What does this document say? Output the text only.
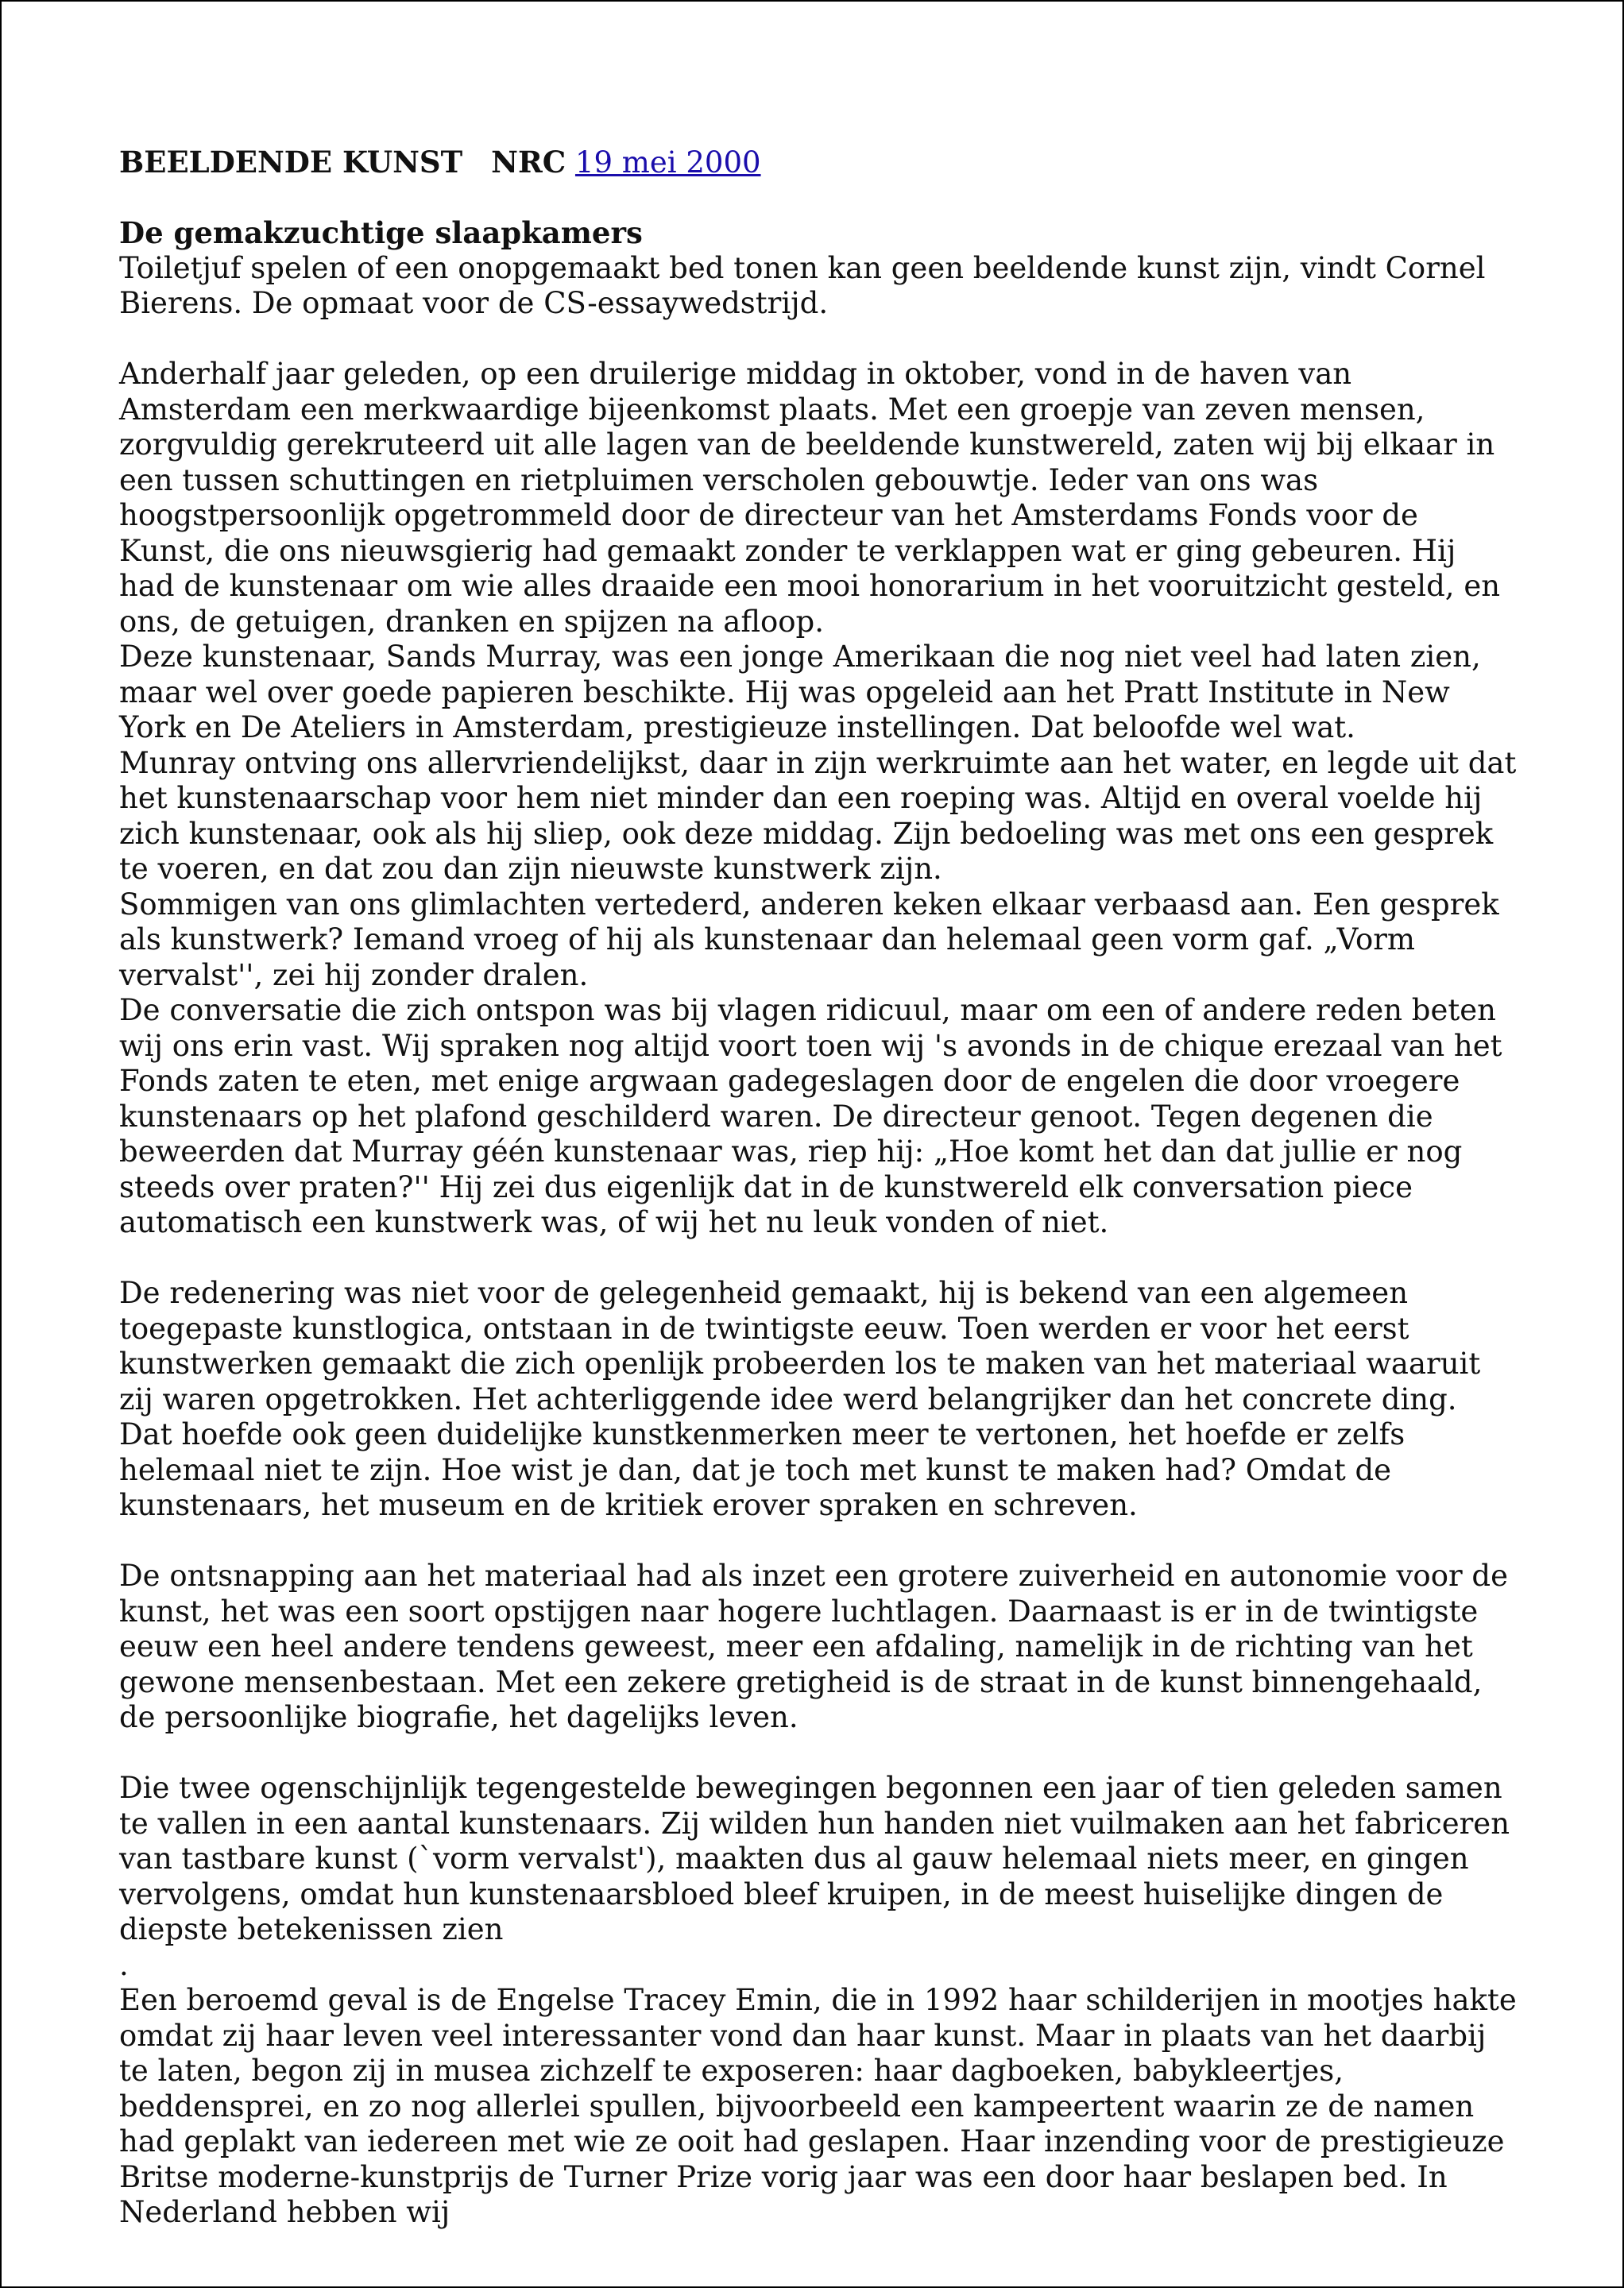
BEELDENDE KUNST NRC 19 mei 2000

De gemakzuchtige slaapkamers

Toiletjuf spelen of een onopgemaakt bed tonen kan geen beeldende kunst zijn, vindt Cornel Bierens. De opmaat voor de CS-essaywedstrijd.

Anderhalf jaar geleden, op een druilerige middag in oktober, vond in de haven van Amsterdam een merkwaardige bijeenkomst plaats. Met een groepje van zeven mensen, zorgvuldig gerekruteerd uit alle lagen van de beeldende kunstwereld, zaten wij bij elkaar in een tussen schuttingen en rietpluimen verscholen gebouwtje. Ieder van ons was hoogstpersoonlijk opgetrommeld door de directeur van het Amsterdams Fonds voor de Kunst, die ons nieuwsgierig had gemaakt zonder te verklappen wat er ging gebeuren. Hij had de kunstenaar om wie alles draaide een mooi honorarium in het vooruitzicht gesteld, en ons, de getuigen, dranken en spijzen na afloop.

Deze kunstenaar, Sands Murray, was een jonge Amerikaan die nog niet veel had laten zien, maar wel over goede papieren beschikte. Hij was opgeleid aan het Pratt Institute in New York en De Ateliers in Amsterdam, prestigieuze instellingen. Dat beloofde wel wat.

Munray ontving ons allervriendelijkst, daar in zijn werkruimte aan het water, en legde uit dat het kunstenaarschap voor hem niet minder dan een roeping was. Altijd en overal voelde hij zich kunstenaar, ook als hij sliep, ook deze middag. Zijn bedoeling was met ons een gesprek te voeren, en dat zou dan zijn nieuwste kunstwerk zijn.

Sommigen van ons glimlachten vertederd, anderen keken elkaar verbaasd aan. Een gesprek als kunstwerk? Iemand vroeg of hij als kunstenaar dan helemaal geen vorm gaf. „Vorm vervalst'', zei hij zonder dralen.

De conversatie die zich ontspon was bij vlagen ridicuul, maar om een of andere reden beten wij ons erin vast. Wij spraken nog altijd voort toen wij 's avonds in de chique erezaal van het Fonds zaten te eten, met enige argwaan gadegeslagen door de engelen die door vroegere kunstenaars op het plafond geschilderd waren. De directeur genoot. Tegen degenen die beweerden dat Murray géén kunstenaar was, riep hij: „Hoe komt het dan dat jullie er nog steeds over praten?'' Hij zei dus eigenlijk dat in de kunstwereld elk conversation piece automatisch een kunstwerk was, of wij het nu leuk vonden of niet.

De redenering was niet voor de gelegenheid gemaakt, hij is bekend van een algemeen toegepaste kunstlogica, ontstaan in de twintigste eeuw. Toen werden er voor het eerst kunstwerken gemaakt die zich openlijk probeerden los te maken van het materiaal waaruit zij waren opgetrokken. Het achterliggende idee werd belangrijker dan het concrete ding. Dat hoefde ook geen duidelijke kunstkenmerken meer te vertonen, het hoefde er zelfs helemaal niet te zijn. Hoe wist je dan, dat je toch met kunst te maken had? Omdat de kunstenaars, het museum en de kritiek erover spraken en schreven.

De ontsnapping aan het materiaal had als inzet een grotere zuiverheid en autonomie voor de kunst, het was een soort opstijgen naar hogere luchtlagen. Daarnaast is er in de twintigste eeuw een heel andere tendens geweest, meer een afdaling, namelijk in de richting van het gewone mensenbestaan. Met een zekere gretigheid is de straat in de kunst binnengehaald, de persoonlijke biografie, het dagelijks leven.

Die twee ogenschijnlijk tegengestelde bewegingen begonnen een jaar of tien geleden samen te vallen in een aantal kunstenaars. Zij wilden hun handen niet vuilmaken aan het fabriceren van tastbare kunst (`vorm vervalst'), maakten dus al gauw helemaal niets meer, en gingen vervolgens, omdat hun kunstenaarsbloed bleef kruipen, in de meest huiselijke dingen de diepste betekenissen zien

.

Een beroemd geval is de Engelse Tracey Emin, die in 1992 haar schilderijen in mootjes hakte omdat zij haar leven veel interessanter vond dan haar kunst. Maar in plaats van het daarbij te laten, begon zij in musea zichzelf te exposeren: haar dagboeken, babykleertjes, beddensprei, en zo nog allerlei spullen, bijvoorbeeld een kampeertent waarin ze de namen had geplakt van iedereen met wie ze ooit had geslapen. Haar inzending voor de prestigieuze Britse moderne-kunstprijs de Turner Prize vorig jaar was een door haar beslapen bed. In Nederland hebben wij
